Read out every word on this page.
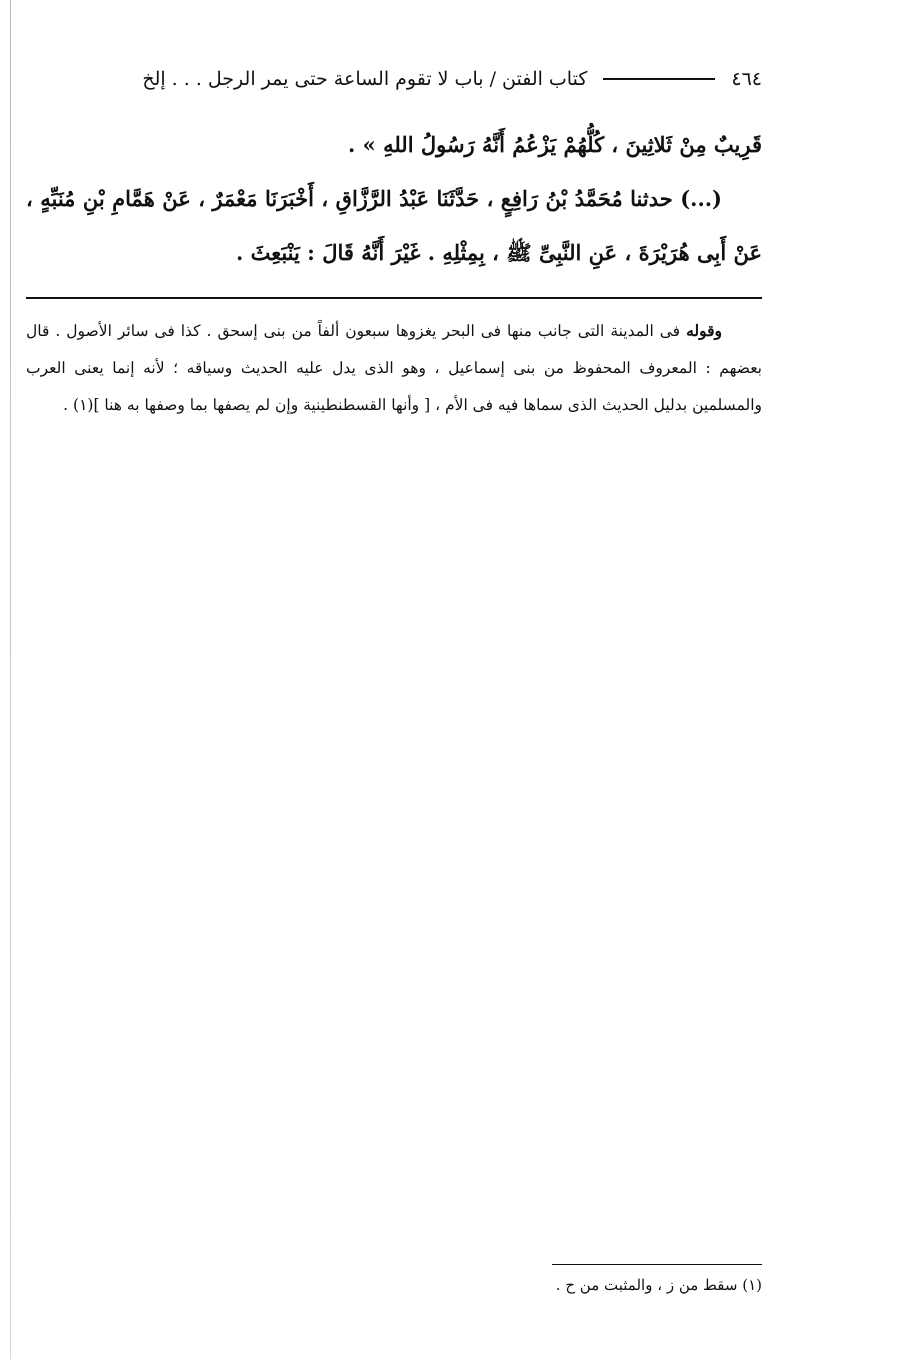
٤٦٤
كتاب الفتن / باب لا تقوم الساعة حتى يمر الرجل . . . إلخ

قَرِيبٌ مِنْ ثَلاثِينَ ، كُلُّهُمْ يَزْعُمُ أَنَّهُ رَسُولُ اللهِ » .

(...) حدثنا مُحَمَّدُ بْنُ رَافِعٍ ، حَدَّثَنَا عَبْدُ الرَّزَّاقِ ، أَخْبَرَنَا مَعْمَرٌ ، عَنْ هَمَّامِ بْنِ مُنَبِّهٍ ، عَنْ أَبِى هُرَيْرَةَ ، عَنِ النَّبِىِّ ﷺ ، بِمِثْلِهِ . غَيْرَ أَنَّهُ قَالَ : يَنْبَعِثَ .

وقوله فى المدينة التى جانب منها فى البحر يغزوها سبعون ألفاً من بنى إسحق . كذا فى سائر الأصول . قال بعضهم : المعروف المحفوظ من بنى إسماعيل ، وهو الذى يدل عليه الحديث وسياقه ؛ لأنه إنما يعنى العرب والمسلمين بدليل الحديث الذى سماها فيه فى الأم ، [ وأنها القسطنطينية وإن لم يصفها بما وصفها به هنا ](١) .

(١) سقط من ز ، والمثبت من ح .
